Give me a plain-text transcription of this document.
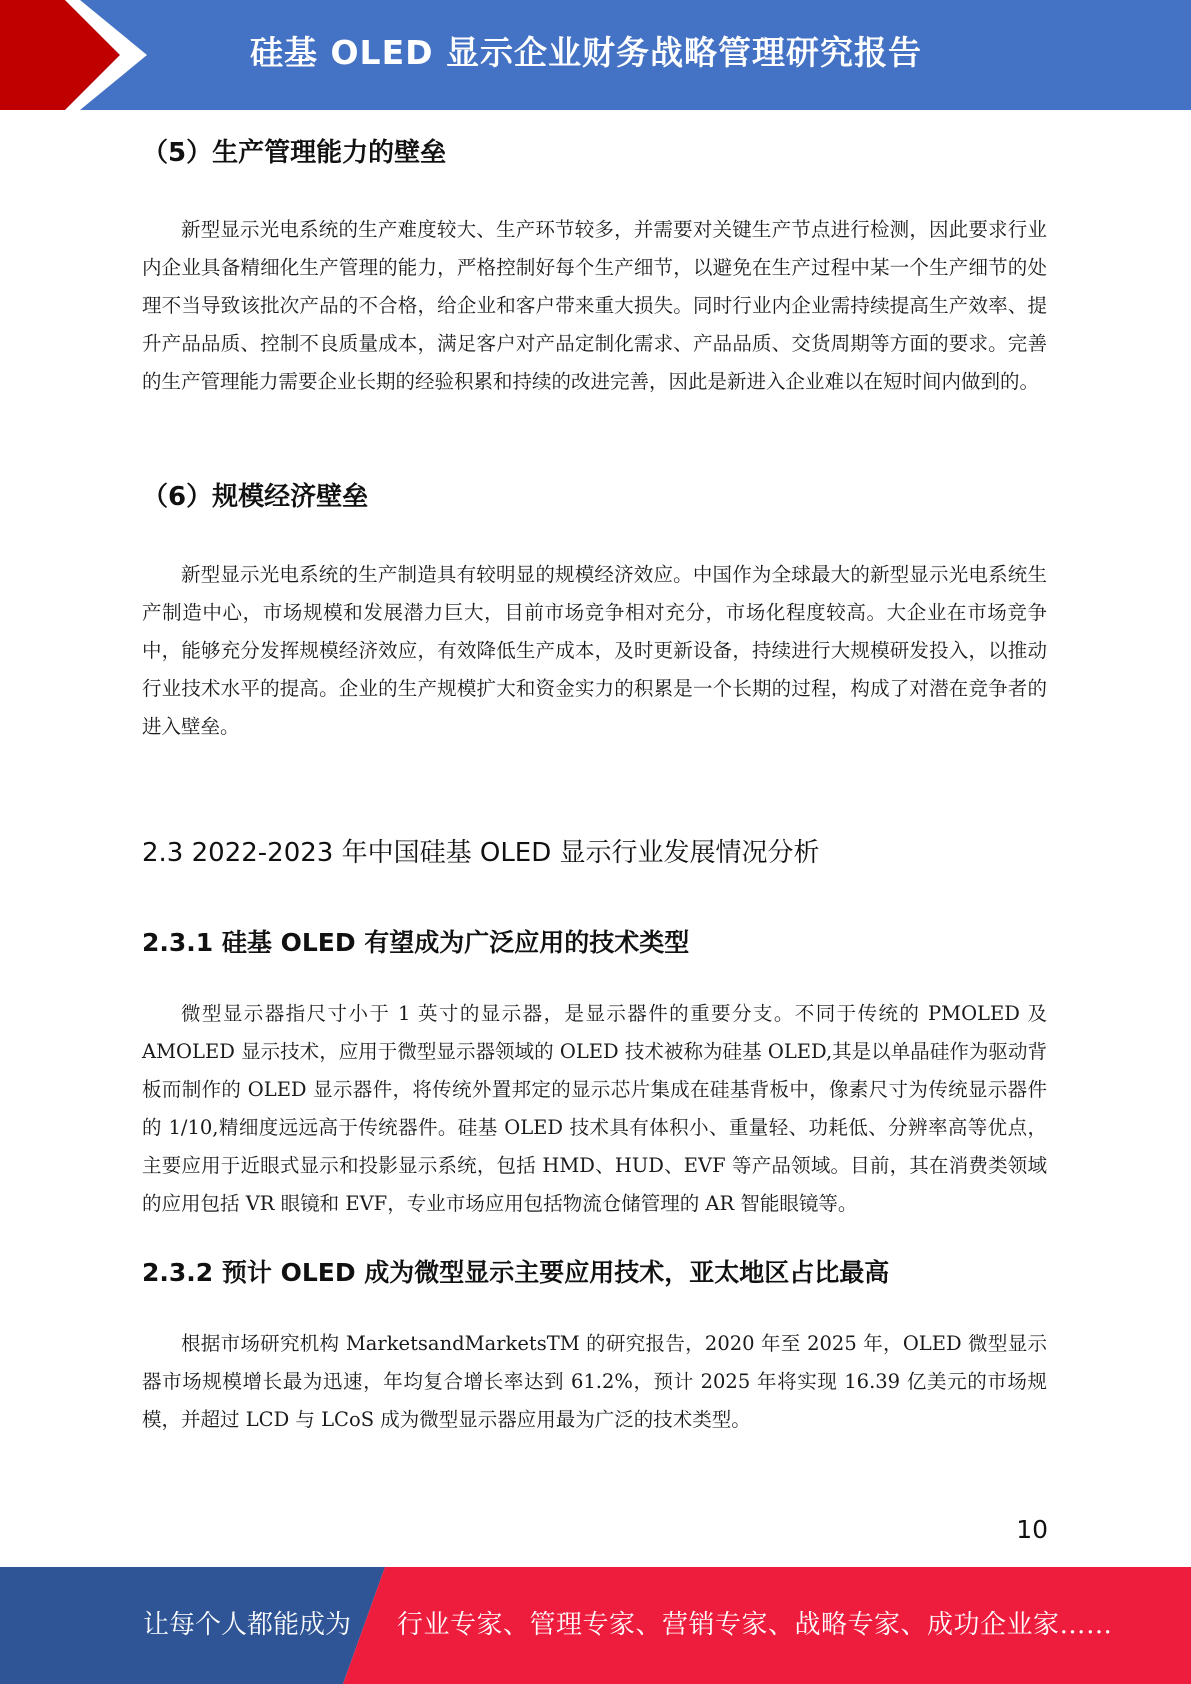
硅基 OLED 显示企业财务战略管理研究报告
（5）生产管理能力的壁垒

新型显示光电系统的生产难度较大、生产环节较多，并需要对关键生产节点进行检测，因此要求行业内企业具备精细化生产管理的能力，严格控制好每个生产细节，以避免在生产过程中某一个生产细节的处理不当导致该批次产品的不合格，给企业和客户带来重大损失。同时行业内企业需持续提高生产效率、提升产品品质、控制不良质量成本，满足客户对产品定制化需求、产品品质、交货周期等方面的要求。完善的生产管理能力需要企业长期的经验积累和持续的改进完善，因此是新进入企业难以在短时间内做到的。

（6）规模经济壁垒

新型显示光电系统的生产制造具有较明显的规模经济效应。中国作为全球最大的新型显示光电系统生产制造中心，市场规模和发展潜力巨大，目前市场竞争相对充分，市场化程度较高。大企业在市场竞争中，能够充分发挥规模经济效应，有效降低生产成本，及时更新设备，持续进行大规模研发投入，以推动行业技术水平的提高。企业的生产规模扩大和资金实力的积累是一个长期的过程，构成了对潜在竞争者的进入壁垒。

2.3 2022-2023 年中国硅基 OLED 显示行业发展情况分析
2.3.1 硅基 OLED 有望成为广泛应用的技术类型

微型显示器指尺寸小于 1 英寸的显示器，是显示器件的重要分支。不同于传统的 PMOLED 及 AMOLED 显示技术，应用于微型显示器领域的 OLED 技术被称为硅基 OLED,其是以单晶硅作为驱动背板而制作的 OLED 显示器件，将传统外置邦定的显示芯片集成在硅基背板中，像素尺寸为传统显示器件的 1/10,精细度远远高于传统器件。硅基 OLED 技术具有体积小、重量轻、功耗低、分辨率高等优点，主要应用于近眼式显示和投影显示系统，包括 HMD、HUD、EVF 等产品领域。目前，其在消费类领域的应用包括 VR 眼镜和 EVF，专业市场应用包括物流仓储管理的 AR 智能眼镜等。

2.3.2 预计 OLED 成为微型显示主要应用技术，亚太地区占比最高

根据市场研究机构 MarketsandMarketsTM 的研究报告，2020 年至 2025 年，OLED 微型显示器市场规模增长最为迅速，年均复合增长率达到 61.2%，预计 2025 年将实现 16.39 亿美元的市场规模，并超过 LCD 与 LCoS 成为微型显示器应用最为广泛的技术类型。

10
让每个人都能成为 行业专家、管理专家、营销专家、战略专家、成功企业家……
